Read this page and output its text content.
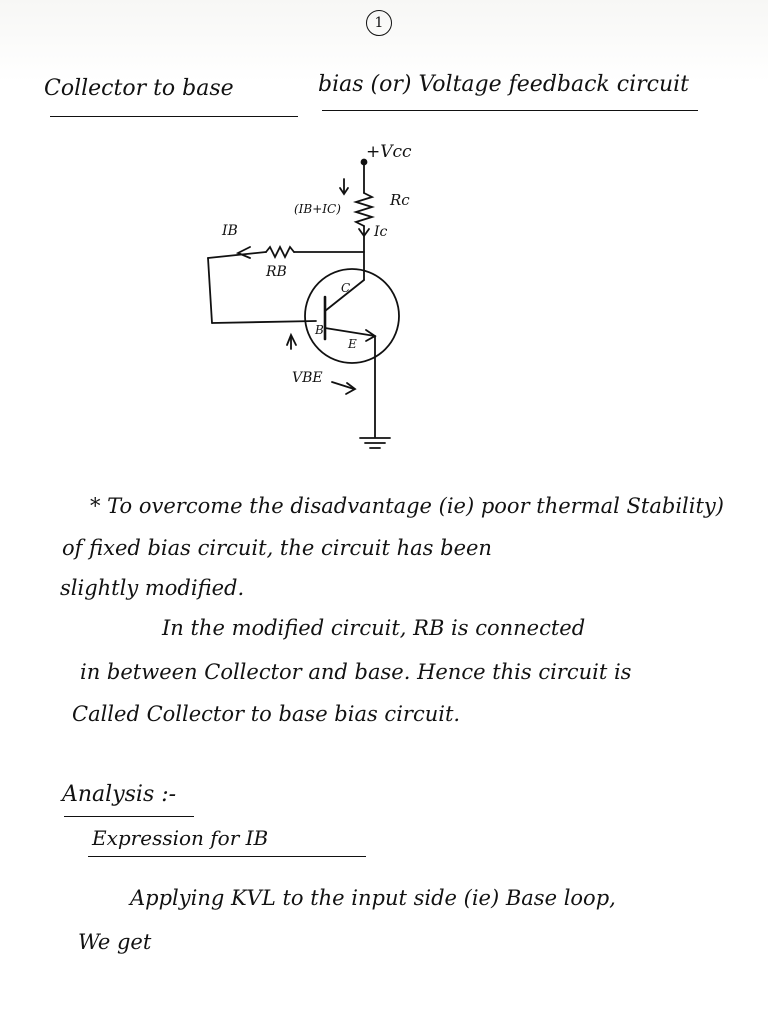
1
Collector to base	bias (or) Voltage feedback circuit
+Vcc
Rc
(IB+IC)
Ic
IB
RB
C
B
E
VBE
* To overcome the disadvantage (ie) poor thermal Stability)
of fixed bias circuit, the circuit has been
slightly modified.
In the modified circuit, RB is connected
in between Collector and base. Hence this circuit is
Called Collector to base bias circuit.
Analysis :-
Expression for IB
Applying KVL to the input side (ie) Base loop,
We get
